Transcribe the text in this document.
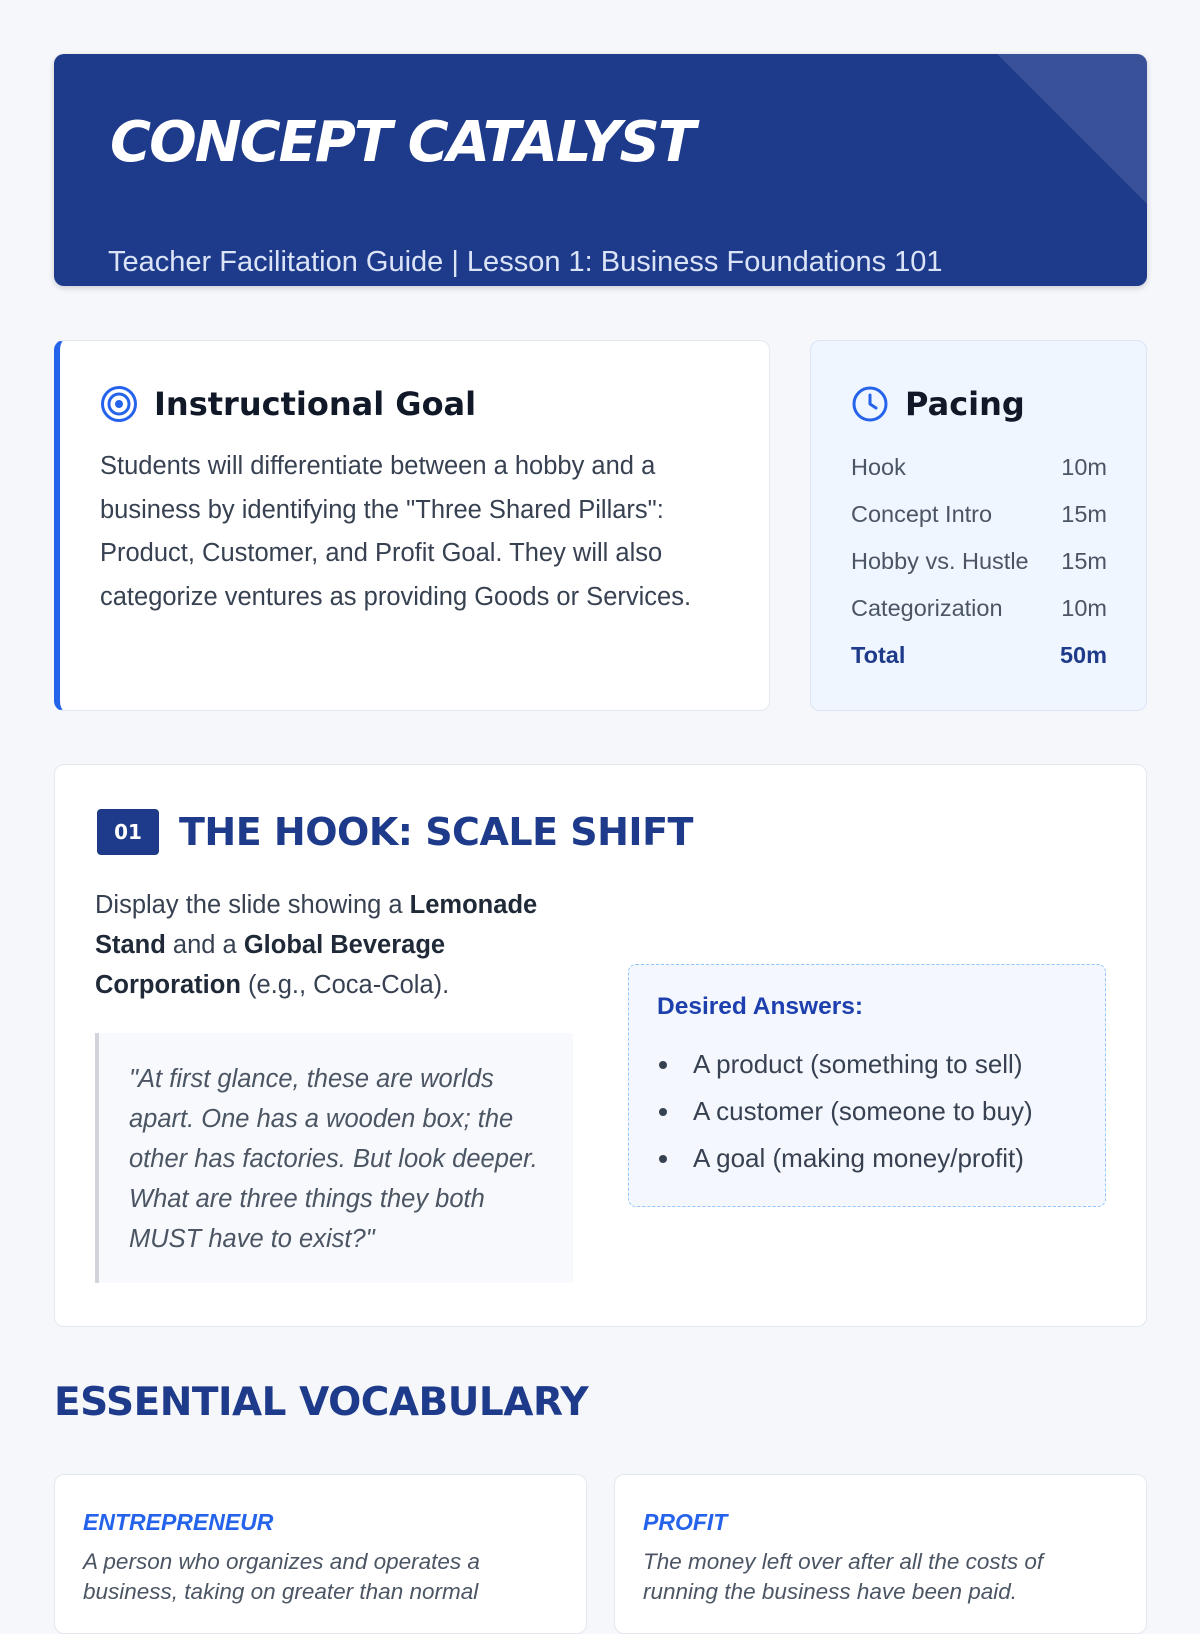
CONCEPT CATALYST

Teacher Facilitation Guide | Lesson 1: Business Foundations 101

Instructional Goal

Students will differentiate between a hobby and a business by identifying the "Three Shared Pillars": Product, Customer, and Profit Goal. They will also categorize ventures as providing Goods or Services.

Pacing
Hook	10m
Concept Intro	15m
Hobby vs. Hustle 15m
Categorization 10m
Total	50m
01 THE HOOK: SCALE SHIFT

Display the slide showing a Lemonade Stand and a Global Beverage Corporation (e.g., Coca-Cola).

"At first glance, these are worlds apart. One has a wooden box; the other has factories. But look deeper. What are three things they both MUST have to exist?"

Desired Answers:

A product (something to sell)
A customer (someone to buy)
A goal (making money/profit)
ESSENTIAL VOCABULARY

ENTREPRENEUR

A person who organizes and operates a business, taking on greater than normal

PROFIT

The money left over after all the costs of running the business have been paid.
